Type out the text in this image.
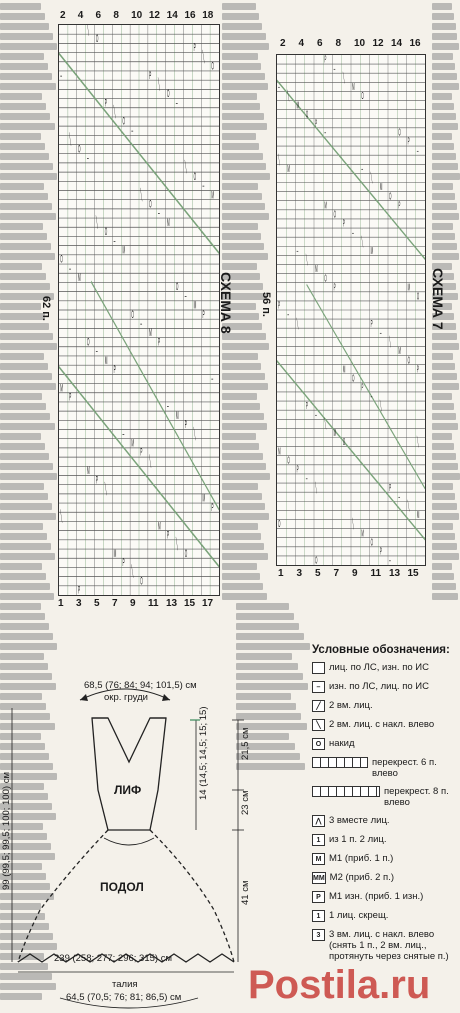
–
M
P
╲
O
–
M
P
╲
O
–
M
P
╲
O
–
M
P
╲
O
–
M
P
╲
O
–
M
P
╲
O
–
M
P
╲
O
–
M
P
╲
O
–
M
P
╲
O
–
M
P
╲
O
–
M
P
╲
O
–
M
P
╲
O
–
M
P
╲
O
–
M
P
╲
O
2 4 6 8 10 12 14 16 18
1 3 5 7 9 11 13 15 17
СХЕМА 8
62 п.
–
M
P
╲
O
–
M
P
╲
O
–
M
P
╲
O
–
M
P
╲
O
–
M
P
╲
O
–
M
P
╲
O
–
M
P
╲
O
–
M
P
╲
O
–
M
P
╲
O
–
M
P
╲
O
–
M
P
╲
O
–
M
P
╲
O
–
M
P
╲
O
–
M
P
╲
O
2 4 6 8 10 12 14 16
1 3 5 7 9 11 13 15
СХЕМА 7
56 п.
Условные обозначения:
лиц. по ЛС, изн. по ИС
– изн. по ЛС, лиц. по ИС
╱ 2 вм. лиц.
╲ 2 вм. лиц. с накл. влево
O накид
перекрест. 6 п. влево
перекрест. 8 п. влево
⋀ 3 вместе лиц.
1 из 1 п. 2 лиц.
M M1 (приб. 1 п.)
MM M2 (приб. 2 п.)
P M1 изн. (приб. 1 изн.)
1 1 лиц. скрещ.
3 3 вм. лиц. с накл. влево (снять 1 п., 2 вм. лиц., протянуть через снятые п.)
68,5 (76; 84; 94; 101,5) см
окр. груди
ЛИФ
ПОДОЛ
99 (99,5; 99,5; 100; 100) см
14 (14,5; 14,5; 15; 15)	21,5 см
23 см
41 см
239 (258; 277; 296; 315) см
талия
64,5 (70,5; 76; 81; 86,5) см Postila.ru
